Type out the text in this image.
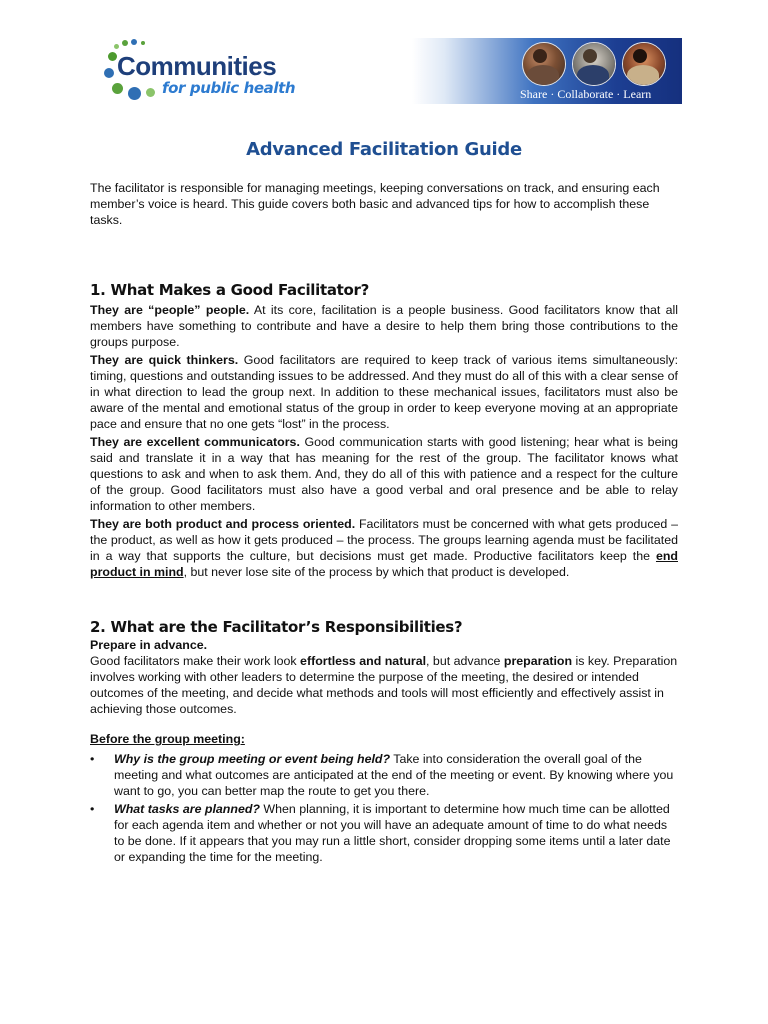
Communities
for public health	Share · Collaborate · Learn
Advanced Facilitation Guide
The facilitator is responsible for managing meetings, keeping conversations on track, and ensuring each member’s voice is heard. This guide covers both basic and advanced tips for how to accomplish these tasks.
1. What Makes a Good Facilitator?
They are “people” people. At its core, facilitation is a people business. Good facilitators know that all members have something to contribute and have a desire to help them bring those contributions to the groups purpose.
They are quick thinkers. Good facilitators are required to keep track of various items simultaneously: timing, questions and outstanding issues to be addressed. And they must do all of this with a clear sense of in what direction to lead the group next. In addition to these mechanical issues, facilitators must also be aware of the mental and emotional status of the group in order to keep everyone moving at an appropriate pace and ensure that no one gets “lost” in the process.
They are excellent communicators. Good communication starts with good listening; hear what is being said and translate it in a way that has meaning for the rest of the group. The facilitator knows what questions to ask and when to ask them. And, they do all of this with patience and a respect for the culture of the group. Good facilitators must also have a good verbal and oral presence and be able to relay information to other members.
They are both product and process oriented. Facilitators must be concerned with what gets produced – the product, as well as how it gets produced – the process. The groups learning agenda must be facilitated in a way that supports the culture, but decisions must get made. Productive facilitators keep the end product in mind, but never lose site of the process by which that product is developed.
2. What are the Facilitator’s Responsibilities?
Prepare in advance.
Good facilitators make their work look effortless and natural, but advance preparation is key. Preparation involves working with other leaders to determine the purpose of the meeting, the desired or intended outcomes of the meeting, and decide what methods and tools will most efficiently and effectively assist in achieving those outcomes.
Before the group meeting:
• Why is the group meeting or event being held? Take into consideration the overall goal of the meeting and what outcomes are anticipated at the end of the meeting or event. By knowing where you want to go, you can better map the route to get you there.
• What tasks are planned? When planning, it is important to determine how much time can be allotted for each agenda item and whether or not you will have an adequate amount of time to do what needs to be done. If it appears that you may run a little short, consider dropping some items until a later date or expanding the time for the meeting.
